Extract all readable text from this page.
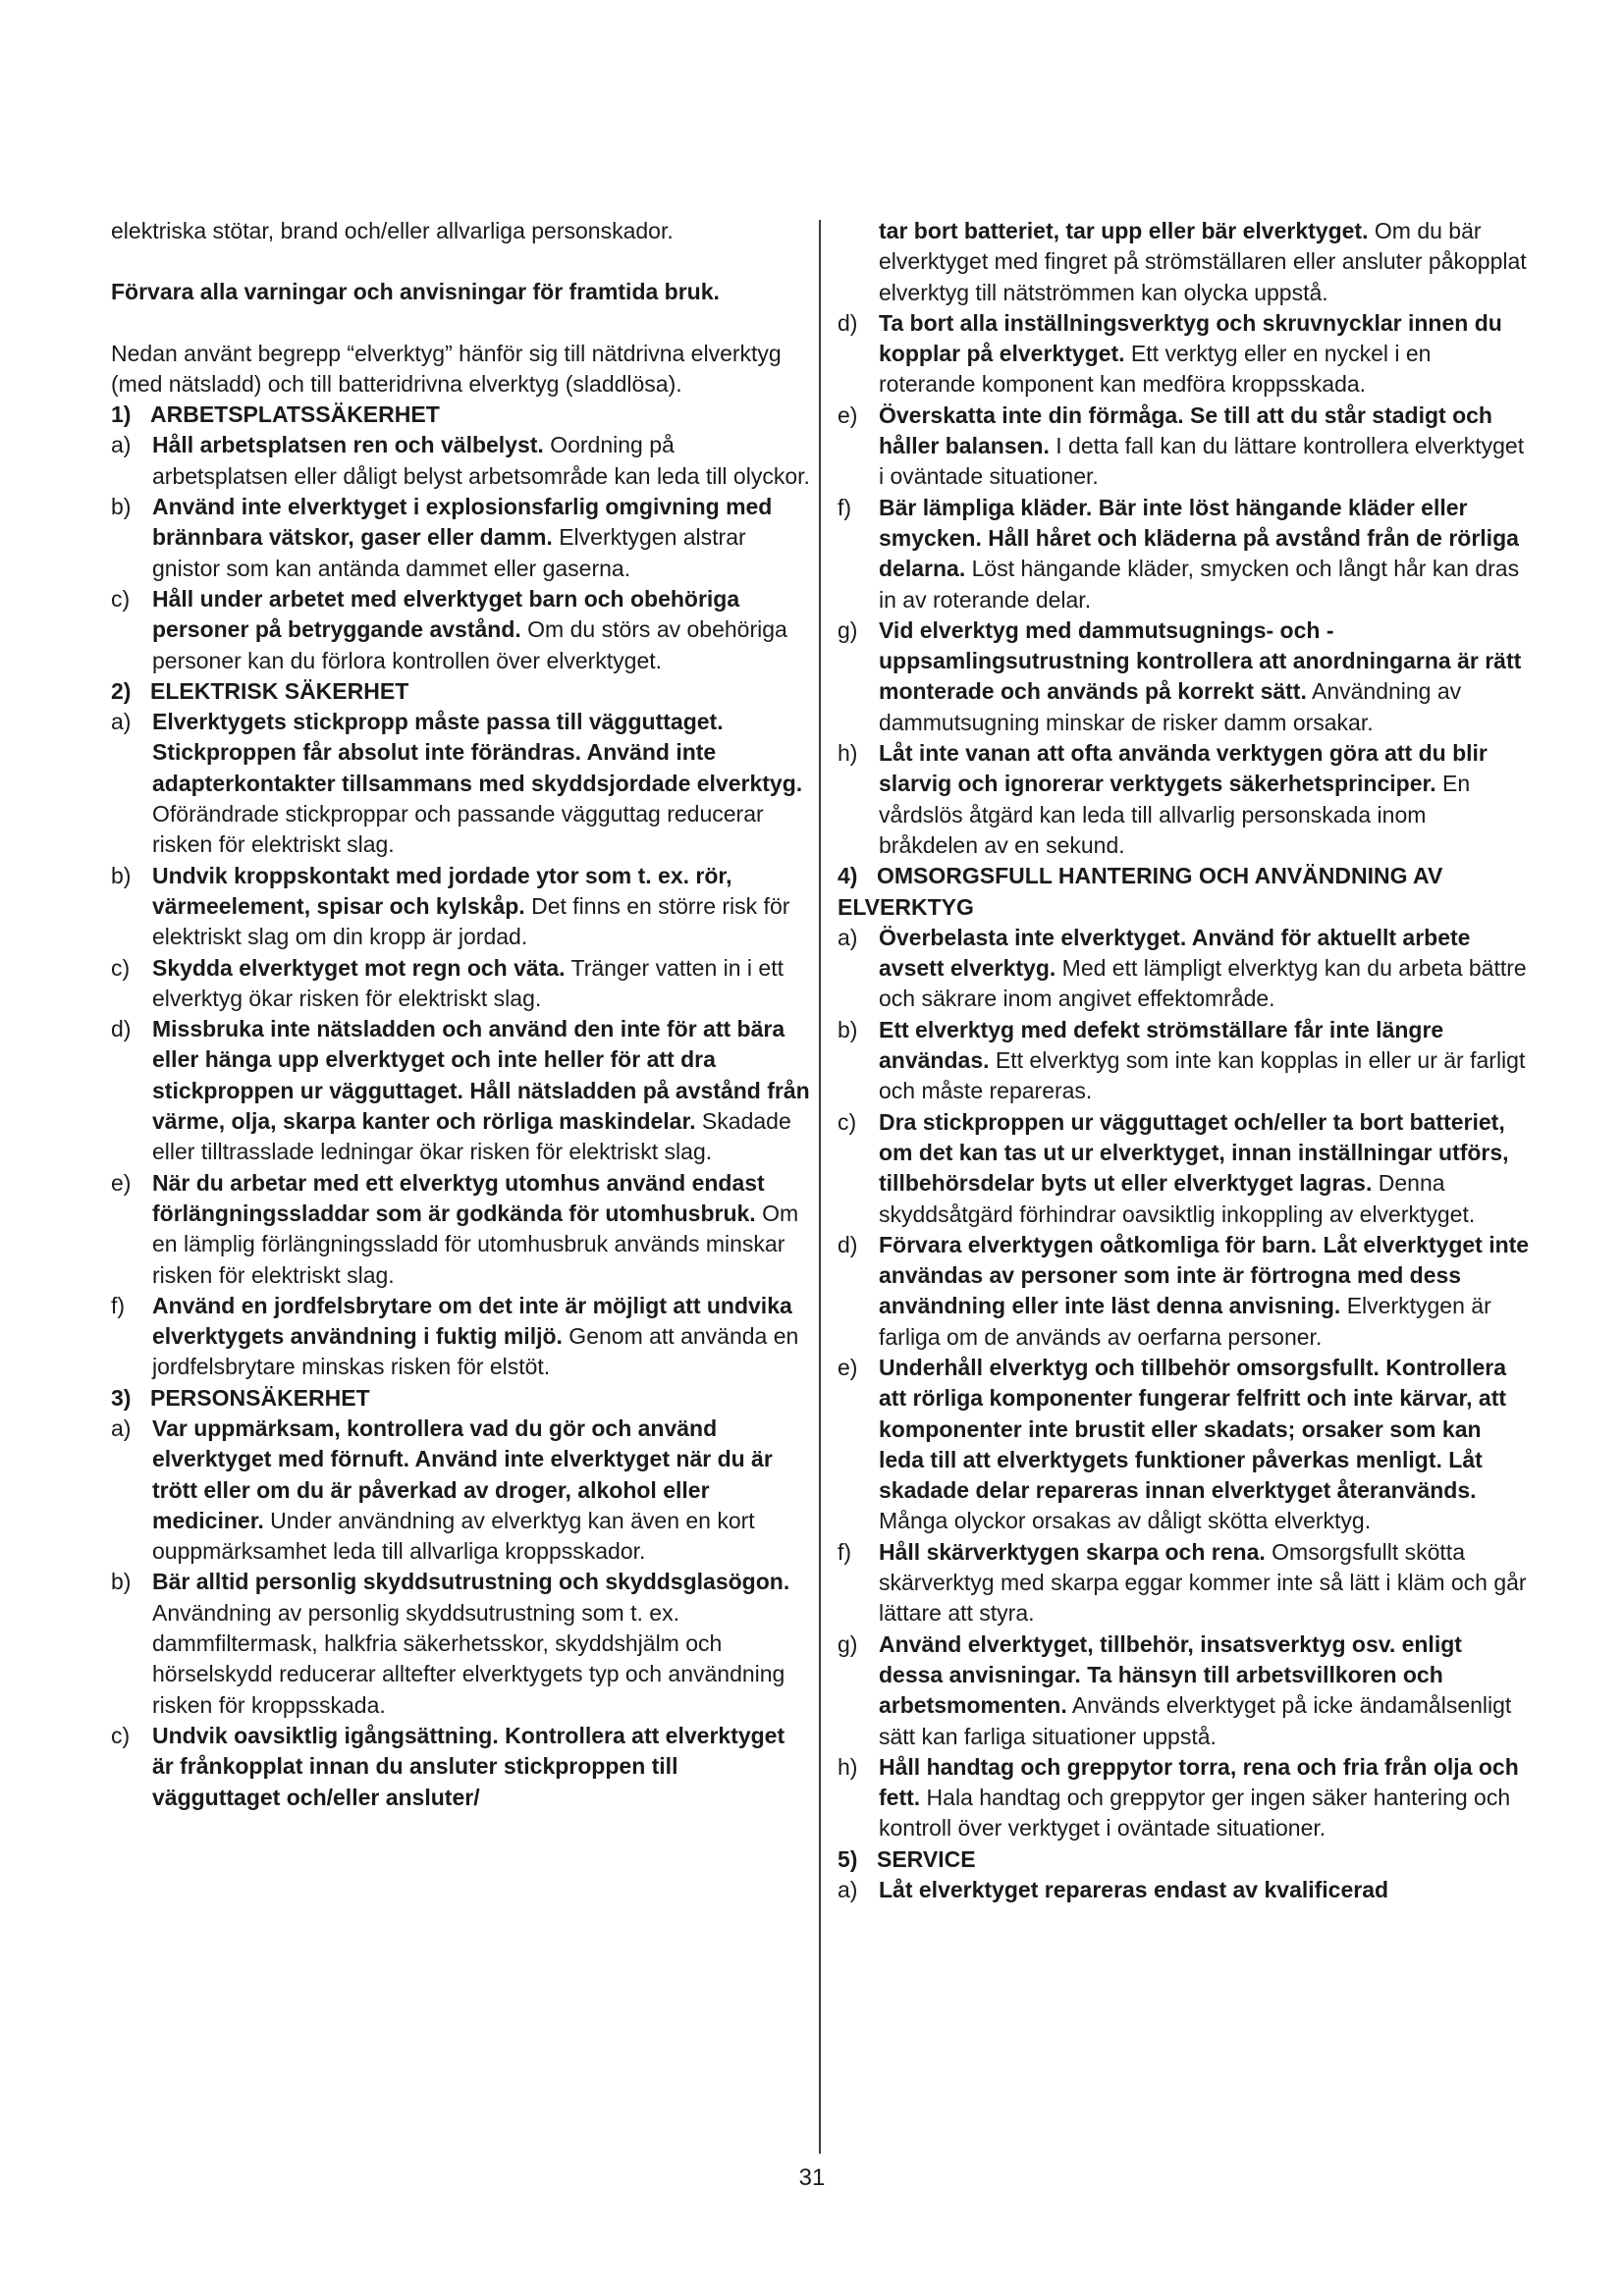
elektriska stötar, brand och/eller allvarliga personskador.

Förvara alla varningar och anvisningar för framtida bruk.

Nedan använt begrepp “elverktyg” hänför sig till nätdrivna elverktyg (med nätsladd) och till batteridrivna elverktyg (sladdlösa).

1) ARBETSPLATSSÄKERHET

a) Håll arbetsplatsen ren och välbelyst. Oordning på arbetsplatsen eller dåligt belyst arbetsområde kan leda till olyckor.
b) Använd inte elverktyget i explosionsfarlig omgivning med brännbara vätskor, gaser eller damm. Elverktygen alstrar gnistor som kan antända dammet eller gaserna.
c) Håll under arbetet med elverktyget barn och obehöriga personer på betryggande avstånd. Om du störs av obehöriga personer kan du förlora kontrollen över elverktyget.

2) ELEKTRISK SÄKERHET

a) Elverktygets stickpropp måste passa till vägguttaget. Stickproppen får absolut inte förändras. Använd inte adapterkontakter tillsammans med skyddsjordade elverktyg. Oförändrade stickproppar och passande vägguttag reducerar risken för elektriskt slag.
b) Undvik kroppskontakt med jordade ytor som t. ex. rör, värmeelement, spisar och kylskåp. Det finns en större risk för elektriskt slag om din kropp är jordad.
c) Skydda elverktyget mot regn och väta. Tränger vatten in i ett elverktyg ökar risken för elektriskt slag.
d) Missbruka inte nätsladden och använd den inte för att bära eller hänga upp elverktyget och inte heller för att dra stickproppen ur vägguttaget. Håll nätsladden på avstånd från värme, olja, skarpa kanter och rörliga maskindelar. Skadade eller tilltrasslade ledningar ökar risken för elektriskt slag.
e) När du arbetar med ett elverktyg utomhus använd endast förlängningssladdar som är godkända för utomhusbruk. Om en lämplig förlängningssladd för utomhusbruk används minskar risken för elektriskt slag.
f) Använd en jordfelsbrytare om det inte är möjligt att undvika elverktygets användning i fuktig miljö. Genom att använda en jordfelsbrytare minskas risken för elstöt.

3) PERSONSÄKERHET

a) Var uppmärksam, kontrollera vad du gör och använd elverktyget med förnuft. Använd inte elverktyget när du är trött eller om du är påverkad av droger, alkohol eller mediciner. Under användning av elverktyg kan även en kort ouppmärksamhet leda till allvarliga kroppsskador.
b) Bär alltid personlig skyddsutrustning och skyddsglasögon. Användning av personlig skyddsutrustning som t. ex. dammfiltermask, halkfria säkerhetsskor, skyddshjälm och hörselskydd reducerar alltefter elverktygets typ och användning risken för kroppsskada.
c) Undvik oavsiktlig igångsättning. Kontrollera att elverktyget är frånkopplat innan du ansluter stickproppen till vägguttaget och/eller ansluter/

tar bort batteriet, tar upp eller bär elverktyget. Om du bär elverktyget med fingret på strömställaren eller ansluter påkopplat elverktyg till nätströmmen kan olycka uppstå.

d) Ta bort alla inställningsverktyg och skruvnycklar innen du kopplar på elverktyget. Ett verktyg eller en nyckel i en roterande komponent kan medföra kroppsskada.
e) Överskatta inte din förmåga. Se till att du står stadigt och håller balansen. I detta fall kan du lättare kontrollera elverktyget i oväntade situationer.
f) Bär lämpliga kläder. Bär inte löst hängande kläder eller smycken. Håll håret och kläderna på avstånd från de rörliga delarna. Löst hängande kläder, smycken och långt hår kan dras in av roterande delar.
g) Vid elverktyg med dammutsugnings- och -uppsamlingsutrustning kontrollera att anordningarna är rätt monterade och används på korrekt sätt. Användning av dammutsugning minskar de risker damm orsakar.
h) Låt inte vanan att ofta använda verktygen göra att du blir slarvig och ignorerar verktygets säkerhetsprinciper. En vårdslös åtgärd kan leda till allvarlig personskada inom bråkdelen av en sekund.

4) OMSORGSFULL HANTERING OCH ANVÄNDNING AV ELVERKTYG

a) Överbelasta inte elverktyget. Använd för aktuellt arbete avsett elverktyg. Med ett lämpligt elverktyg kan du arbeta bättre och säkrare inom angivet effektområde.
b) Ett elverktyg med defekt strömställare får inte längre användas. Ett elverktyg som inte kan kopplas in eller ur är farligt och måste repareras.
c) Dra stickproppen ur vägguttaget och/eller ta bort batteriet, om det kan tas ut ur elverktyget, innan inställningar utförs, tillbehörsdelar byts ut eller elverktyget lagras. Denna skyddsåtgärd förhindrar oavsiktlig inkoppling av elverktyget.
d) Förvara elverktygen oåtkomliga för barn. Låt elverktyget inte användas av personer som inte är förtrogna med dess användning eller inte läst denna anvisning. Elverktygen är farliga om de används av oerfarna personer.
e) Underhåll elverktyg och tillbehör omsorgsfullt. Kontrollera att rörliga komponenter fungerar felfritt och inte kärvar, att komponenter inte brustit eller skadats; orsaker som kan leda till att elverktygets funktioner påverkas menligt. Låt skadade delar repareras innan elverktyget återanvänds. Många olyckor orsakas av dåligt skötta elverktyg.
f) Håll skärverktygen skarpa och rena. Omsorgsfullt skötta skärverktyg med skarpa eggar kommer inte så lätt i kläm och går lättare att styra.
g) Använd elverktyget, tillbehör, insatsverktyg osv. enligt dessa anvisningar. Ta hänsyn till arbetsvillkoren och arbetsmomenten. Används elverktyget på icke ändamålsenligt sätt kan farliga situationer uppstå.
h) Håll handtag och greppytor torra, rena och fria från olja och fett. Hala handtag och greppytor ger ingen säker hantering och kontroll över verktyget i oväntade situationer.

5) SERVICE

a) Låt elverktyget repareras endast av kvalificerad
31
